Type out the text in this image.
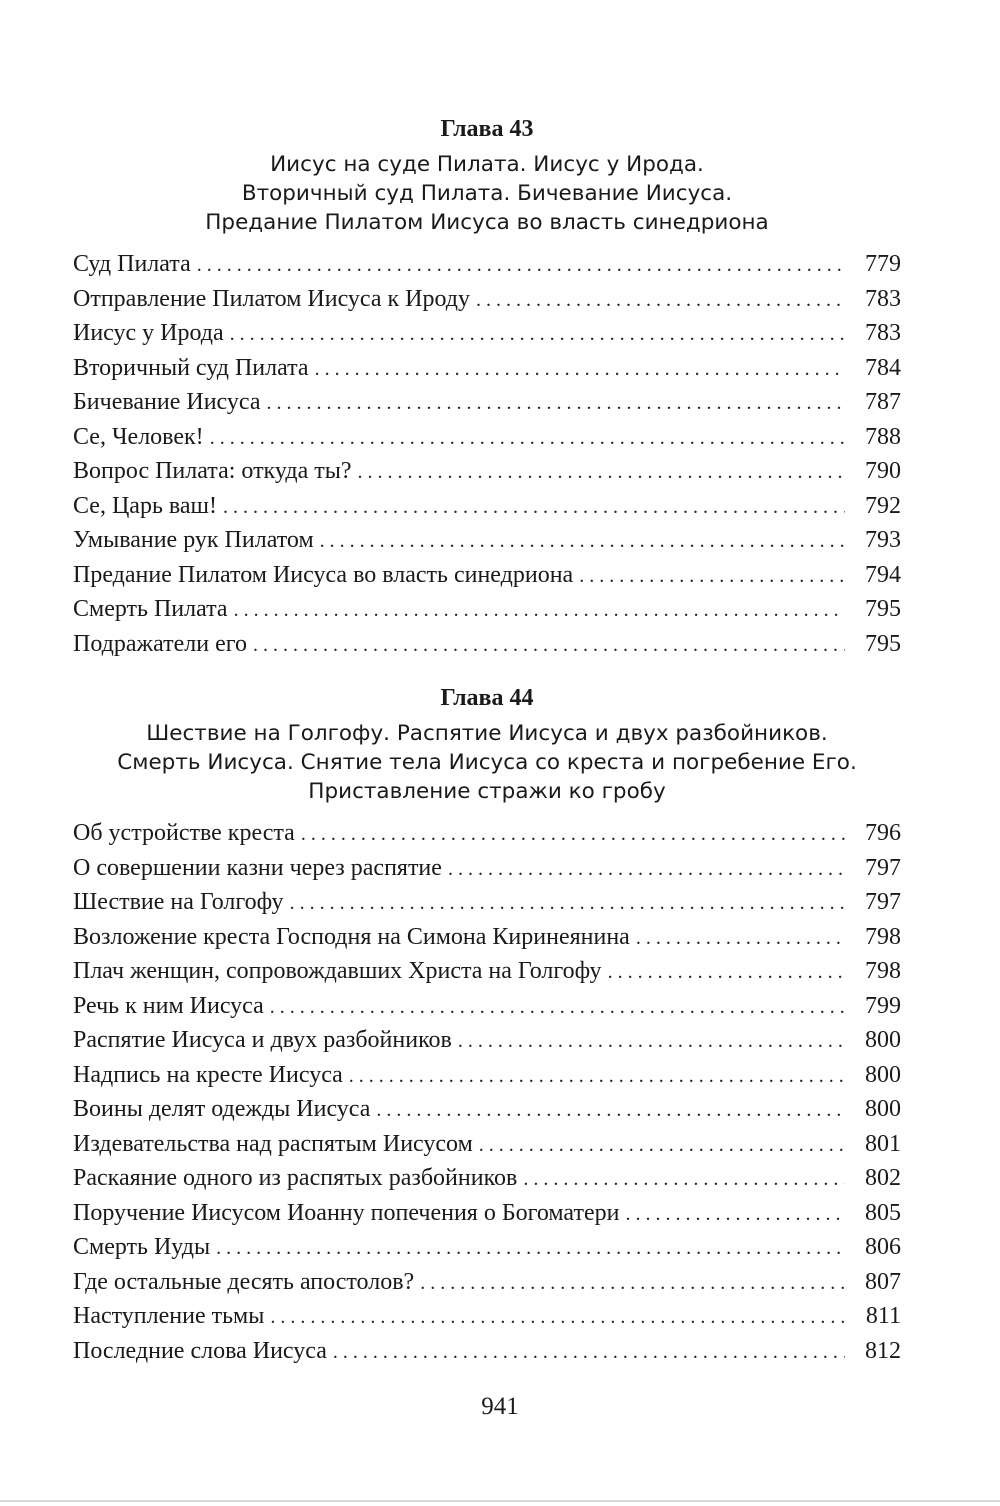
Глава 43
Иисус на суде Пилата. Иисус у Ирода.
Вторичный суд Пилата. Бичевание Иисуса.
Предание Пилатом Иисуса во власть синедриона
Суд Пилата . . .	779
Отправление Пилатом Иисуса к Ироду . . .	783
Иисус у Ирода . . .	783
Вторичный суд Пилата . . .	784
Бичевание Иисуса . . .	787
Се, Человек! . . .	788
Вопрос Пилата: откуда ты? . . .	790
Се, Царь ваш! . . .	792
Умывание рук Пилатом . . .	793
Предание Пилатом Иисуса во власть синедриона . . .	794
Смерть Пилата . . .	795
Подражатели его . . .	795
Глава 44
Шествие на Голгофу. Распятие Иисуса и двух разбойников.
Смерть Иисуса. Снятие тела Иисуса со креста и погребение Его.
Приставление стражи ко гробу
Об устройстве креста . . .	796
О совершении казни через распятие . . .	797
Шествие на Голгофу . . .	797
Возложение креста Господня на Симона Киринеянина . . .	798
Плач женщин, сопровождавших Христа на Голгофу . . .	798
Речь к ним Иисуса . . .	799
Распятие Иисуса и двух разбойников . . .	800
Надпись на кресте Иисуса . . .	800
Воины делят одежды Иисуса . . .	800
Издевательства над распятым Иисусом . . .	801
Раскаяние одного из распятых разбойников . . .	802
Поручение Иисусом Иоанну попечения о Богоматери . . .	805
Смерть Иуды . . .	806
Где остальные десять апостолов? . . .	807
Наступление тьмы . . .	811
Последние слова Иисуса . . .	812
941
